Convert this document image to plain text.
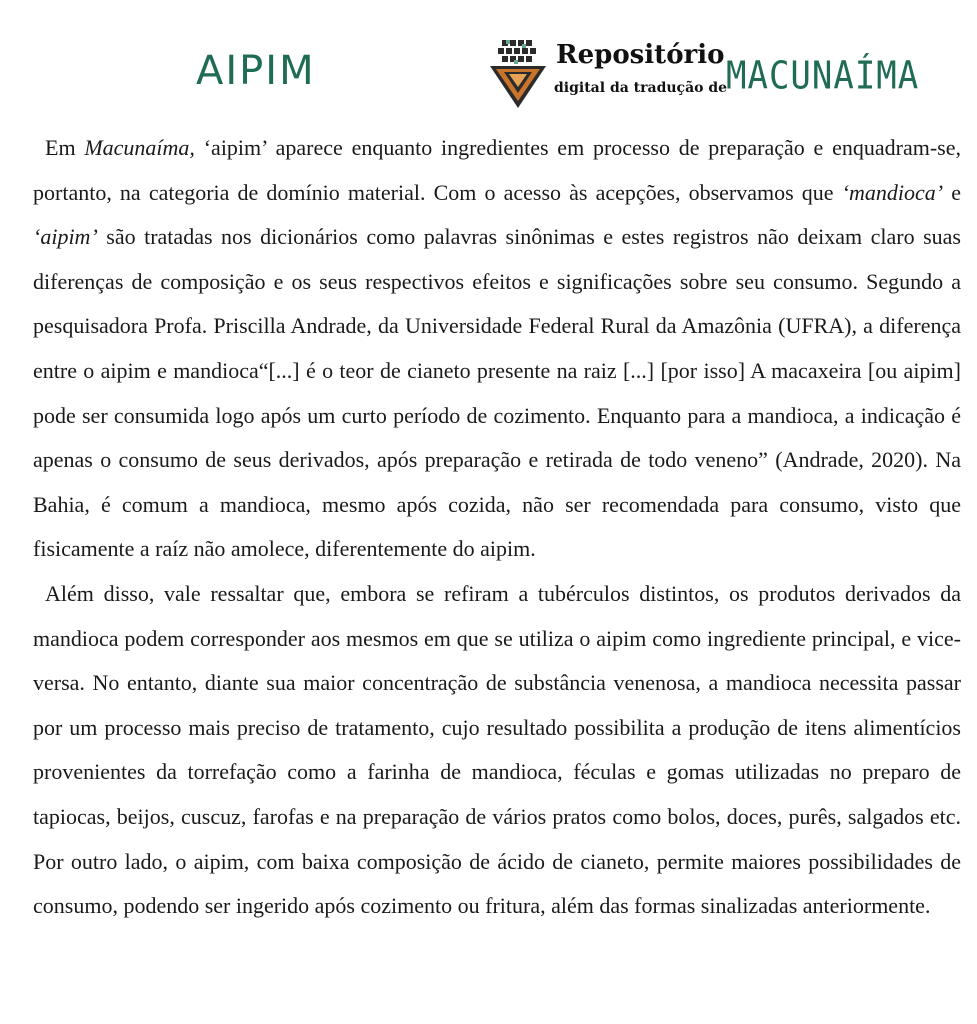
AIPIM	Repositório
digital da tradução de
MACUNAÍMA

Em Macunaíma, ‘aipim’ aparece enquanto ingredientes em processo de preparação e enquadram-se, portanto, na categoria de domínio material. Com o acesso às acepções, observamos que ‘mandioca’ e ‘aipim’ são tratadas nos dicionários como palavras sinônimas e estes registros não deixam claro suas diferenças de composição e os seus respectivos efeitos e significações sobre seu consumo. Segundo a pesquisadora Profa. Priscilla Andrade, da Universidade Federal Rural da Amazônia (UFRA), a diferença entre o aipim e mandioca“[...] é o teor de cianeto presente na raiz [...] [por isso] A macaxeira [ou aipim] pode ser consumida logo após um curto período de cozimento. Enquanto para a mandioca, a indicação é apenas o consumo de seus derivados, após preparação e retirada de todo veneno” (Andrade, 2020). Na Bahia, é comum a mandioca, mesmo após cozida, não ser recomendada para consumo, visto que fisicamente a raíz não amolece, diferentemente do aipim.

Além disso, vale ressaltar que, embora se refiram a tubérculos distintos, os produtos derivados da mandioca podem corresponder aos mesmos em que se utiliza o aipim como ingrediente principal, e vice-versa. No entanto, diante sua maior concentração de substância venenosa, a mandioca necessita passar por um processo mais preciso de tratamento, cujo resultado possibilita a produção de itens alimentícios provenientes da torrefação como a farinha de mandioca, féculas e gomas utilizadas no preparo de tapiocas, beijos, cuscuz, farofas e na preparação de vários pratos como bolos, doces, purês, salgados etc. Por outro lado, o aipim, com baixa composição de ácido de cianeto, permite maiores possibilidades de consumo, podendo ser ingerido após cozimento ou fritura, além das formas sinalizadas anteriormente.
